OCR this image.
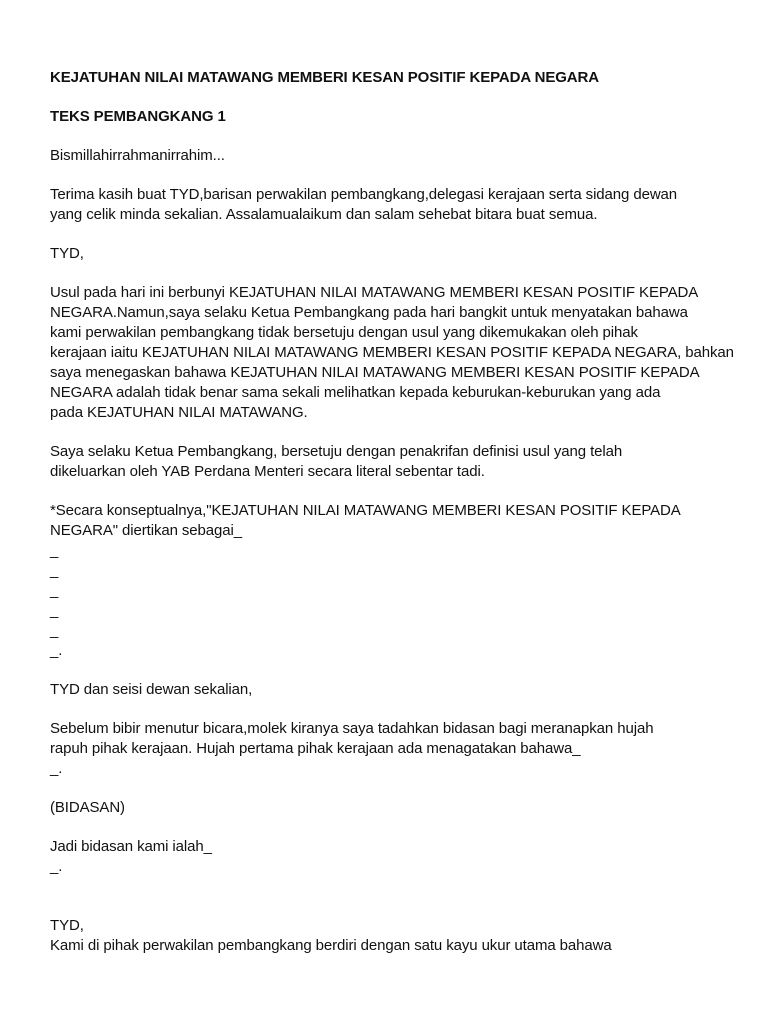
KEJATUHAN NILAI MATAWANG MEMBERI KESAN POSITIF KEPADA NEGARA

TEKS PEMBANGKANG 1

Bismillahirrahmanirrahim...

Terima kasih buat TYD,barisan perwakilan pembangkang,delegasi kerajaan serta sidang dewan
yang celik minda sekalian. Assalamualaikum dan salam sehebat bitara buat semua.

TYD,

Usul pada hari ini berbunyi KEJATUHAN NILAI MATAWANG MEMBERI KESAN POSITIF KEPADA
NEGARA.Namun,saya selaku Ketua Pembangkang pada hari bangkit untuk menyatakan bahawa
kami perwakilan pembangkang tidak bersetuju dengan usul yang dikemukakan oleh pihak
kerajaan iaitu KEJATUHAN NILAI MATAWANG MEMBERI KESAN POSITIF KEPADA NEGARA, bahkan
saya menegaskan bahawa KEJATUHAN NILAI MATAWANG MEMBERI KESAN POSITIF KEPADA
NEGARA adalah tidak benar sama sekali melihatkan kepada keburukan-keburukan yang ada
pada KEJATUHAN NILAI MATAWANG.
Saya selaku Ketua Pembangkang, bersetuju dengan penakrifan definisi usul yang telah
dikeluarkan oleh YAB Perdana Menteri secara literal sebentar tadi.
*Secara konseptualnya,"KEJATUHAN NILAI MATAWANG MEMBERI KESAN POSITIF KEPADA
NEGARA" diertikan sebagai_
_
_
_
_
_
_.

TYD dan seisi dewan sekalian,

Sebelum bibir menutur bicara,molek kiranya saya tadahkan bidasan bagi meranapkan hujah
rapuh pihak kerajaan. Hujah pertama pihak kerajaan ada menagatakan bahawa_
_.

(BIDASAN)

Jadi bidasan kami ialah_
_.
TYD,
Kami di pihak perwakilan pembangkang berdiri dengan satu kayu ukur utama bahawa
